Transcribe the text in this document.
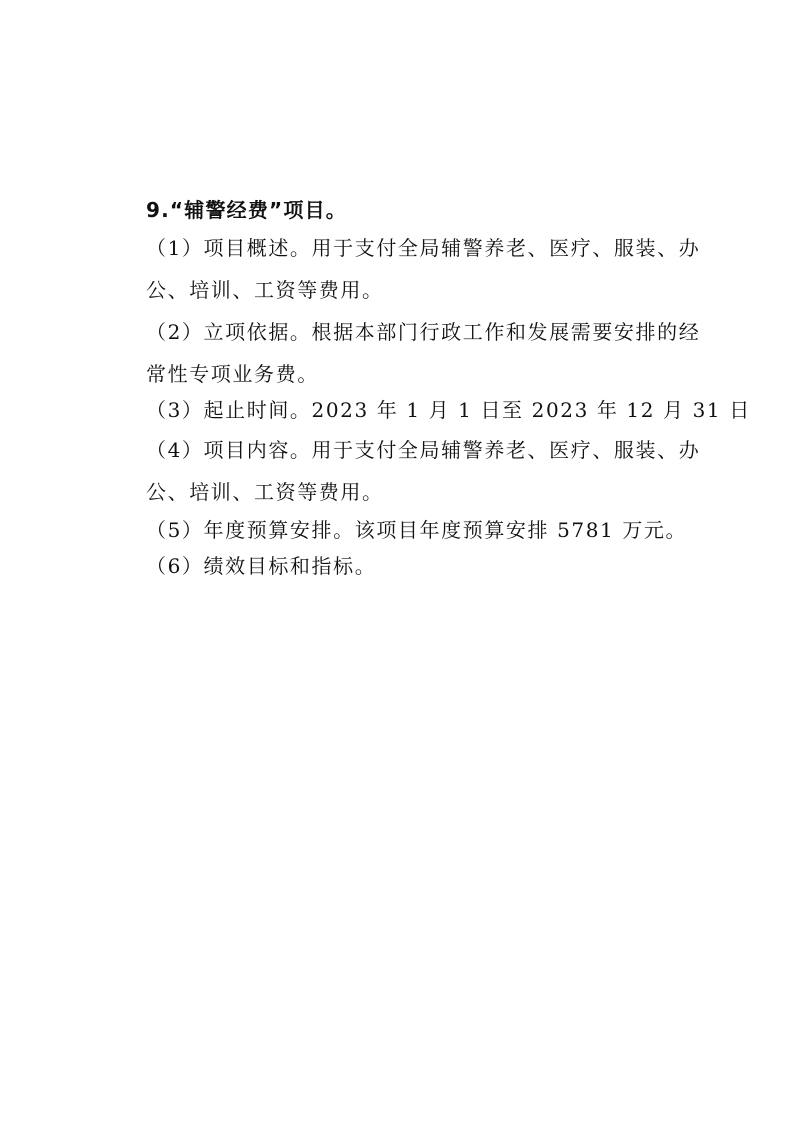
9.“辅警经费”项目。
（1）项目概述。用于支付全局辅警养老、医疗、服装、办
公、培训、工资等费用。
（2）立项依据。根据本部门行政工作和发展需要安排的经
常性专项业务费。
（3）起止时间。2023 年 1 月 1 日至 2023 年 12 月 31 日
（4）项目内容。用于支付全局辅警养老、医疗、服装、办
公、培训、工资等费用。
（5）年度预算安排。该项目年度预算安排 5781 万元。
（6）绩效目标和指标。
